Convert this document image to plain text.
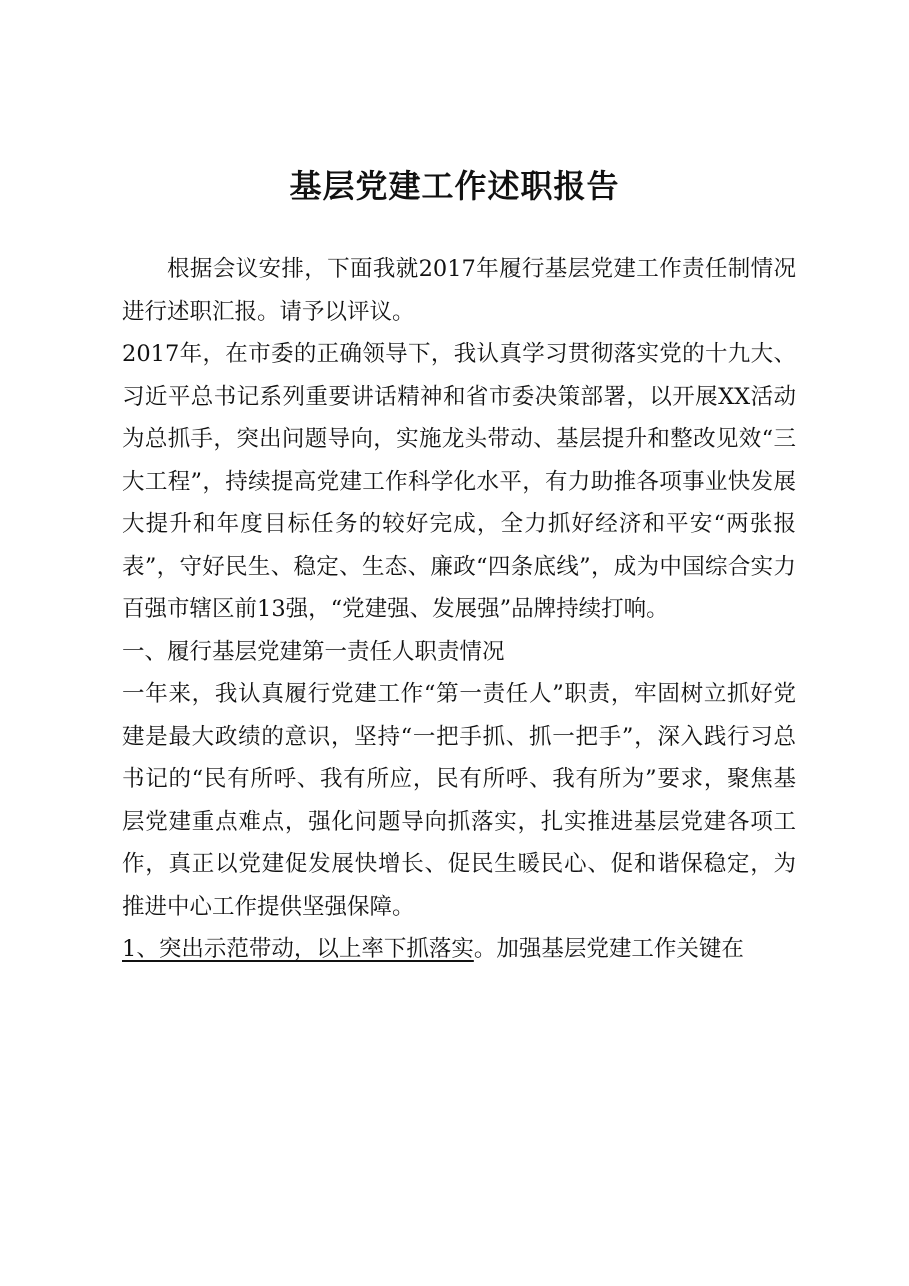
基层党建工作述职报告

根据会议安排，下面我就2017年履行基层党建工作责任制情况进行述职汇报。请予以评议。

2017年，在市委的正确领导下，我认真学习贯彻落实党的十九大、习近平总书记系列重要讲话精神和省市委决策部署，以开展XX活动为总抓手，突出问题导向，实施龙头带动、基层提升和整改见效“三大工程”，持续提高党建工作科学化水平，有力助推各项事业快发展大提升和年度目标任务的较好完成，全力抓好经济和平安“两张报表”，守好民生、稳定、生态、廉政“四条底线”，成为中国综合实力百强市辖区前13强，“党建强、发展强”品牌持续打响。

一、履行基层党建第一责任人职责情况

一年来，我认真履行党建工作“第一责任人”职责，牢固树立抓好党建是最大政绩的意识，坚持“一把手抓、抓一把手”，深入践行习总书记的“民有所呼、我有所应，民有所呼、我有所为”要求，聚焦基层党建重点难点，强化问题导向抓落实，扎实推进基层党建各项工作，真正以党建促发展快增长、促民生暖民心、促和谐保稳定，为推进中心工作提供坚强保障。

1、突出示范带动，以上率下抓落实。加强基层党建工作关键在
